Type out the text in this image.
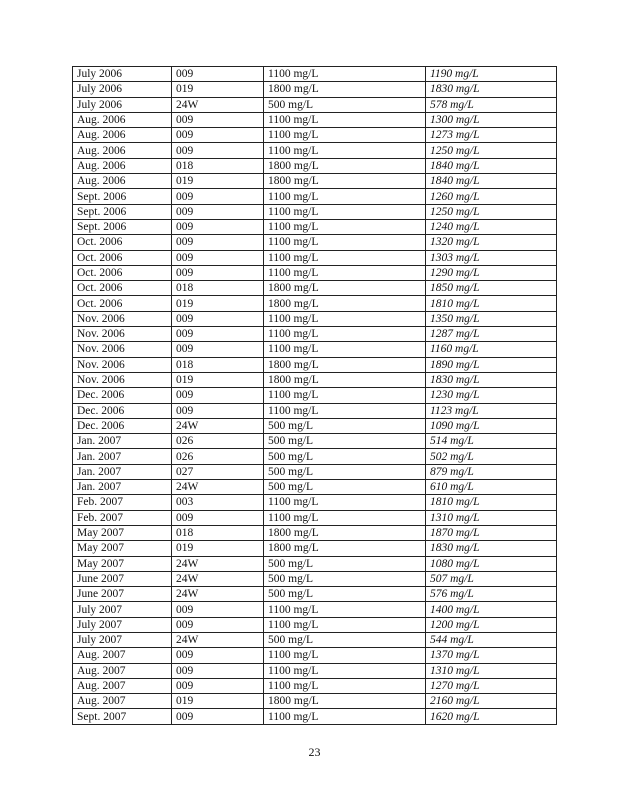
July 2006	009	1100 mg/L	1190 mg/L
July 2006	019	1800 mg/L	1830 mg/L
July 2006	24W	500 mg/L	578 mg/L
Aug. 2006	009	1100 mg/L	1300 mg/L
Aug. 2006	009	1100 mg/L	1273 mg/L
Aug. 2006	009	1100 mg/L	1250 mg/L
Aug. 2006	018	1800 mg/L	1840 mg/L
Aug. 2006	019	1800 mg/L	1840 mg/L
Sept. 2006	009	1100 mg/L	1260 mg/L
Sept. 2006	009	1100 mg/L	1250 mg/L
Sept. 2006	009	1100 mg/L	1240 mg/L
Oct. 2006	009	1100 mg/L	1320 mg/L
Oct. 2006	009	1100 mg/L	1303 mg/L
Oct. 2006	009	1100 mg/L	1290 mg/L
Oct. 2006	018	1800 mg/L	1850 mg/L
Oct. 2006	019	1800 mg/L	1810 mg/L
Nov. 2006	009	1100 mg/L	1350 mg/L
Nov. 2006	009	1100 mg/L	1287 mg/L
Nov. 2006	009	1100 mg/L	1160 mg/L
Nov. 2006	018	1800 mg/L	1890 mg/L
Nov. 2006	019	1800 mg/L	1830 mg/L
Dec. 2006	009	1100 mg/L	1230 mg/L
Dec. 2006	009	1100 mg/L	1123 mg/L
Dec. 2006	24W	500 mg/L	1090 mg/L
Jan. 2007	026	500 mg/L	514 mg/L
Jan. 2007	026	500 mg/L	502 mg/L
Jan. 2007	027	500 mg/L	879 mg/L
Jan. 2007	24W	500 mg/L	610 mg/L
Feb. 2007	003	1100 mg/L	1810 mg/L
Feb. 2007	009	1100 mg/L	1310 mg/L
May 2007	018	1800 mg/L	1870 mg/L
May 2007	019	1800 mg/L	1830 mg/L
May 2007	24W	500 mg/L	1080 mg/L
June 2007	24W	500 mg/L	507 mg/L
June 2007	24W	500 mg/L	576 mg/L
July 2007	009	1100 mg/L	1400 mg/L
July 2007	009	1100 mg/L	1200 mg/L
July 2007	24W	500 mg/L	544 mg/L
Aug. 2007	009	1100 mg/L	1370 mg/L
Aug. 2007	009	1100 mg/L	1310 mg/L
Aug. 2007	009	1100 mg/L	1270 mg/L
Aug. 2007	019	1800 mg/L	2160 mg/L
Sept. 2007	009	1100 mg/L	1620 mg/L
23
